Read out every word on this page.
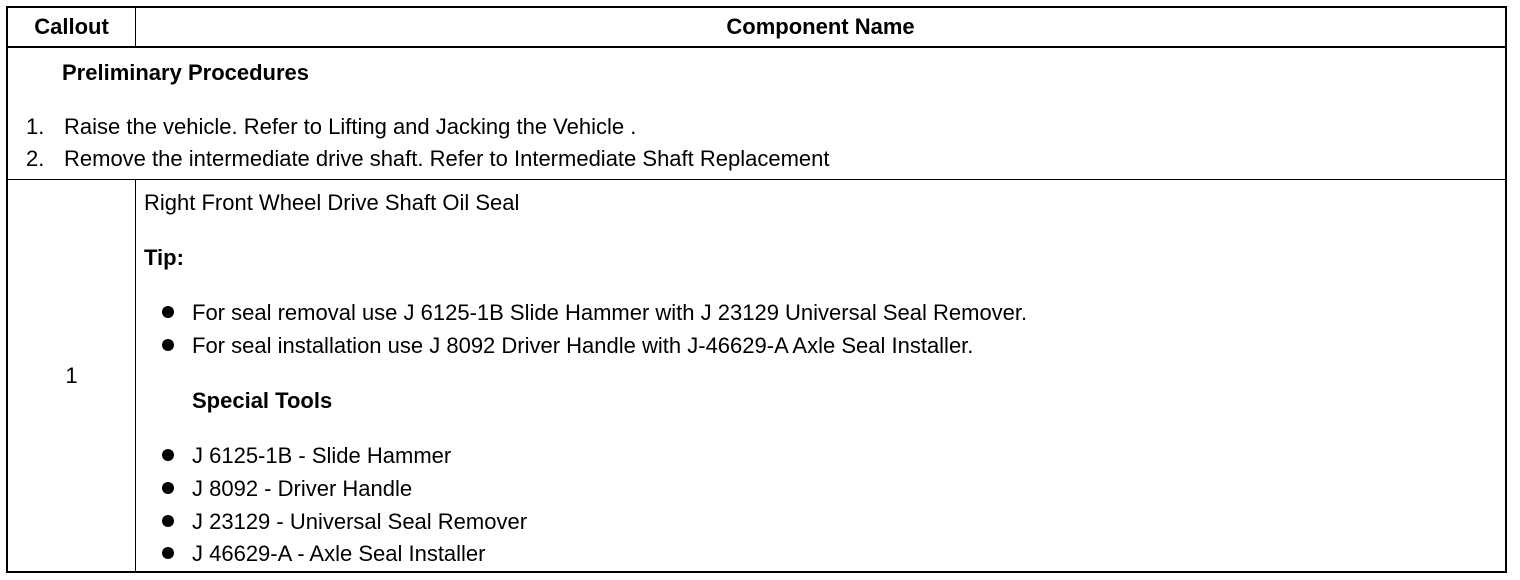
Callout	Component Name
Preliminary Procedures
1. Raise the vehicle. Refer to Lifting and Jacking the Vehicle .
2. Remove the intermediate drive shaft. Refer to Intermediate Shaft Replacement
1
Right Front Wheel Drive Shaft Oil Seal
Tip:
For seal removal use J 6125-1B Slide Hammer with J 23129 Universal Seal Remover.
For seal installation use J 8092 Driver Handle with J-46629-A Axle Seal Installer.
Special Tools
J 6125-1B - Slide Hammer
J 8092 - Driver Handle
J 23129 - Universal Seal Remover
J 46629-A - Axle Seal Installer
